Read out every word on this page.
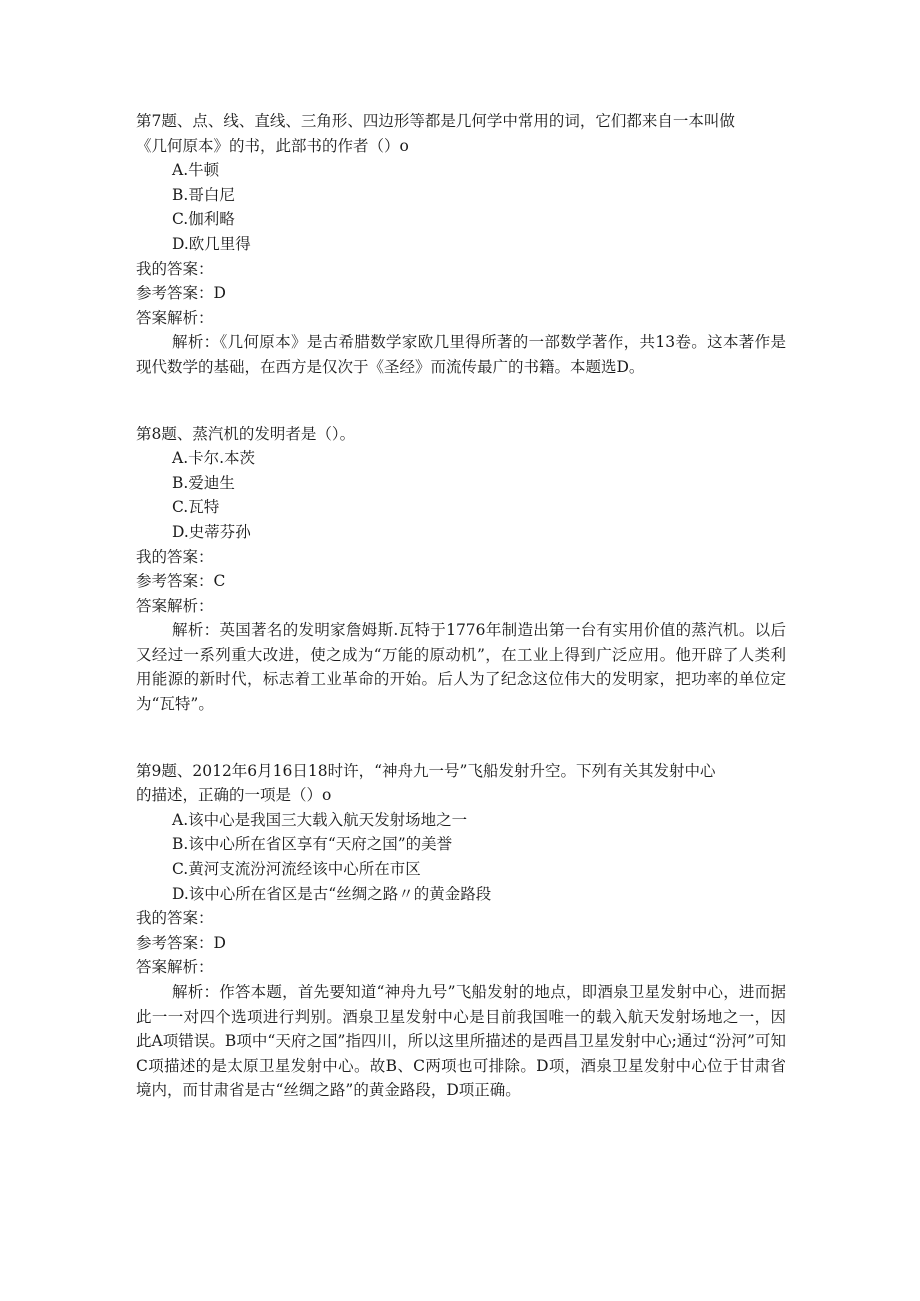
第7题、点、线、直线、三角形、四边形等都是几何学中常用的词，它们都来自一本叫做
《几何原本》的书，此部书的作者（）o

A.牛顿
B.哥白尼
C.伽利略
D.欧几里得

我的答案：

参考答案：D

答案解析：

解析：《几何原本》是古希腊数学家欧几里得所著的一部数学著作，共13卷。这本著作是现代数学的基础，在西方是仅次于《圣经》而流传最广的书籍。本题选D。

第8题、蒸汽机的发明者是（）。

A.卡尔.本茨
B.爱迪生
C.瓦特
D.史蒂芬孙

我的答案：

参考答案：C

答案解析：

解析：英国著名的发明家詹姆斯.瓦特于1776年制造出第一台有实用价值的蒸汽机。以后又经过一系列重大改进，使之成为“万能的原动机”，在工业上得到广泛应用。他开辟了人类利用能源的新时代，标志着工业革命的开始。后人为了纪念这位伟大的发明家，把功率的单位定为“瓦特”。

第9题、2012年6月16日18时许，“神舟九一号”飞船发射升空。下列有关其发射中心
的描述，正确的一项是（）o

A.该中心是我国三大载入航天发射场地之一
B.该中心所在省区享有“天府之国”的美誉
C.黄河支流汾河流经该中心所在市区
D.该中心所在省区是古“丝绸之路〃的黄金路段

我的答案：

参考答案：D

答案解析：

解析：作答本题，首先要知道“神舟九号”飞船发射的地点，即酒泉卫星发射中心，进而据此一一对四个选项进行判别。酒泉卫星发射中心是目前我国唯一的载入航天发射场地之一，因此A项错误。B项中“天府之国”指四川，所以这里所描述的是西昌卫星发射中心;通过“汾河”可知C项描述的是太原卫星发射中心。故B、C两项也可排除。D项，酒泉卫星发射中心位于甘肃省境内，而甘肃省是古“丝绸之路”的黄金路段，D项正确。
